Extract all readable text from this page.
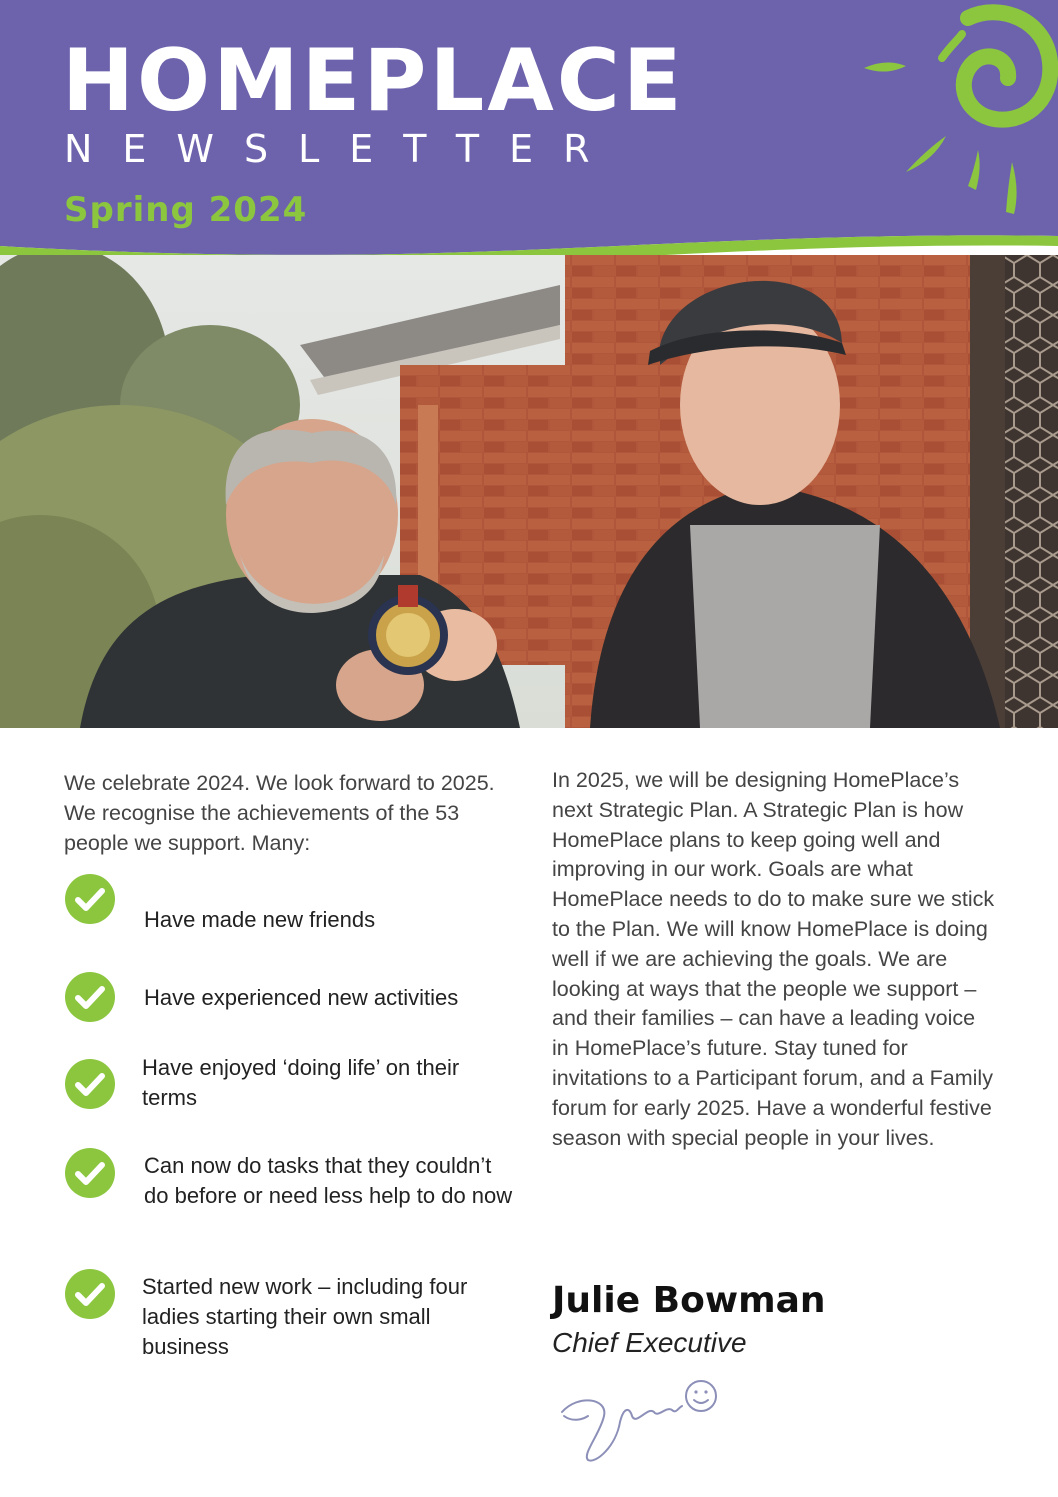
HOMEPLACE
NEWSLETTER
Spring 2024

We celebrate 2024. We look forward to 2025. We recognise the achievements of the 53 people we support. Many:

Have made new friends
Have experienced new activities
Have enjoyed ‘doing life’ on their terms
Can now do tasks that they couldn’t do before or need less help to do now
Started new work – including four ladies starting their own small business

In 2025, we will be designing HomePlace’s next Strategic Plan. A Strategic Plan is how HomePlace plans to keep going well and improving in our work. Goals are what HomePlace needs to do to make sure we stick to the Plan. We will know HomePlace is doing well if we are achieving the goals. We are looking at ways that the people we support – and their families – can have a leading voice in HomePlace’s future. Stay tuned for invitations to a Participant forum, and a Family forum for early 2025. Have a wonderful festive season with special people in your lives.

Julie Bowman
Chief Executive
